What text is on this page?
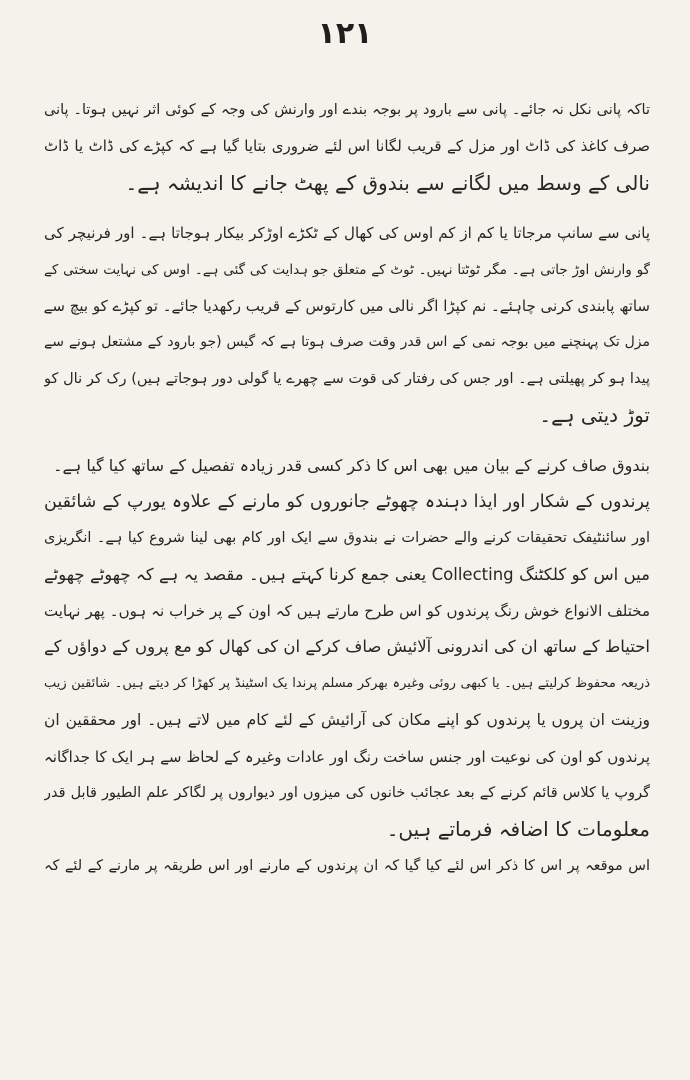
۱۲۱
تاکہ پانی نکل نہ جائے۔ پانی سے بارود پر بوجہ بندے اور وارنش کی وجہ کے کوئی اثر نہیں ہوتا۔ پانی
صرف کاغذ کی ڈاٹ اور مزل کے قریب لگانا اس لئے ضروری بتایا گیا ہے کہ کپڑے کی ڈاٹ یا ڈاٹ
نالی کے وسط میں لگانے سے بندوق کے پھٹ جانے کا اندیشہ ہے۔
پانی سے سانپ مرجاتا یا کم از کم اوس کی کھال کے ٹکڑے اوڑکر بیکار ہوجاتا ہے۔ اور فرنیچر کی
گو وارنش اوڑ جاتی ہے۔ مگر ٹوٹتا نہیں۔ ٹوٹ کے متعلق جو ہدایت کی گئی ہے۔ اوس کی نہایت سختی کے
ساتھ پابندی کرنی چاہئے۔ نم کپڑا اگر نالی میں کارتوس کے قریب رکھدیا جائے۔ تو کپڑے کو بیچ سے
مزل تک پہنچنے میں بوجہ نمی کے اس قدر وقت صرف ہوتا ہے کہ گیس (جو بارود کے مشتعل ہونے سے
پیدا ہو کر پھیلتی ہے۔ اور جس کی رفتار کی قوت سے چھرے یا گولی دور ہوجاتے ہیں) رک کر نال کو
توڑ دیتی ہے۔
بندوق صاف کرنے کے بیان میں بھی اس کا ذکر کسی قدر زیادہ تفصیل کے ساتھ کیا گیا ہے۔
پرندوں کے شکار اور ایذا دہندہ چھوٹے جانوروں کو مارنے کے علاوہ یورپ کے شائقین
اور سائنٹیفک تحقیقات کرنے والے حضرات نے بندوق سے ایک اور کام بھی لینا شروع کیا ہے۔ انگریزی
میں اس کو کلکٹنگ Collecting یعنی جمع کرنا کہتے ہیں۔ مقصد یہ ہے کہ چھوٹے چھوٹے
مختلف الانواع خوش رنگ پرندوں کو اس طرح مارتے ہیں کہ اون کے پر خراب نہ ہوں۔ پھر نہایت
احتیاط کے ساتھ ان کی اندرونی آلائیش صاف کرکے ان کی کھال کو مع پروں کے دواؤں کے
ذریعہ محفوظ کرلیتے ہیں۔ یا کبھی روئی وغیرہ بھرکر مسلم پرندا یک اسٹینڈ پر کھڑا کر دیتے ہیں۔ شائقین زیب
وزینت ان پروں یا پرندوں کو اپنے مکان کی آرائیش کے لئے کام میں لاتے ہیں۔ اور محققین ان
پرندوں کو اون کی نوعیت اور جنس ساخت رنگ اور عادات وغیرہ کے لحاظ سے ہر ایک کا جداگانہ
گروپ یا کلاس قائم کرنے کے بعد عجائب خانوں کی میزوں اور دیواروں پر لگاکر علم الطیور قابل قدر
معلومات کا اضافہ فرماتے ہیں۔
اس موقعہ پر اس کا ذکر اس لئے کیا گیا کہ ان پرندوں کے مارنے اور اس طریقہ پر مارنے کے لئے کہ
